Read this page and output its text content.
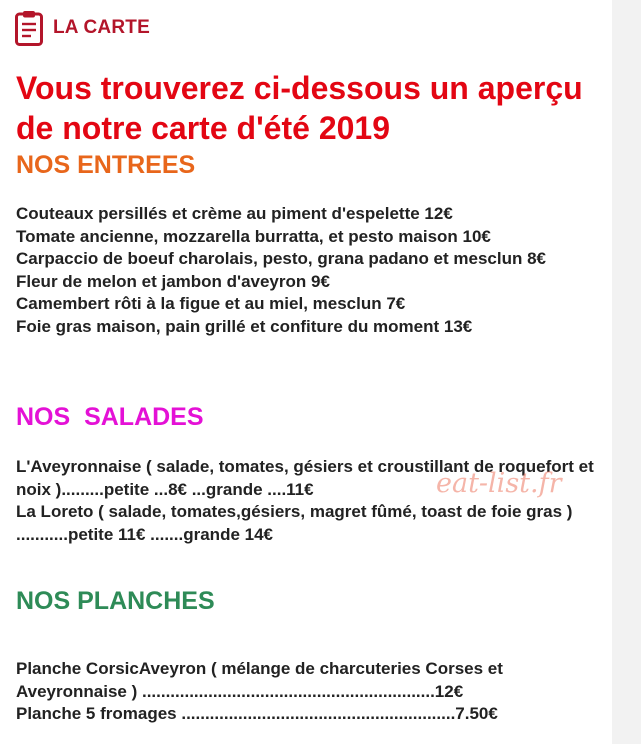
LA CARTE
Vous trouverez ci-dessous un aperçu de notre carte d'été 2019
NOS ENTREES
Couteaux persillés et crème au piment d'espelette 12€
Tomate ancienne, mozzarella burratta, et pesto maison 10€
Carpaccio de boeuf charolais, pesto, grana padano et mesclun 8€
Fleur de melon et jambon d'aveyron 9€
Camembert rôti à la figue et au miel, mesclun 7€
Foie gras maison, pain grillé et confiture du moment 13€
NOS  SALADES
L'Aveyronnaise ( salade, tomates, gésiers et croustillant de roquefort et noix ).........petite ...8€ ...grande ....11€
La Loreto ( salade, tomates,gésiers, magret fûmé, toast de foie gras ) ...........petite 11€ .......grande 14€
eat-list.fr
NOS PLANCHES
Planche CorsicAveyron ( mélange de charcuteries Corses et Aveyronnaise ) ..............................................................12€
Planche 5 fromages ..........................................................7.50€
